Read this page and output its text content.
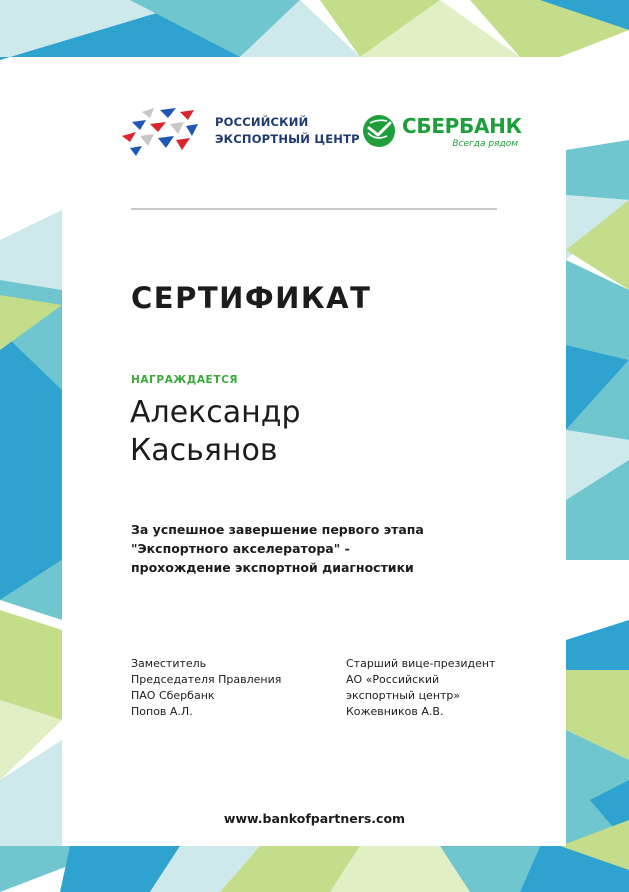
РОССИЙСКИЙ
ЭКСПОРТНЫЙ ЦЕНТР
СБЕРБАНК
Всегда рядом
СЕРТИФИКАТ
НАГРАЖДАЕТСЯ
Александр
Касьянов
За успешное завершение первого этапа
"Экспортного акселератора" -
прохождение экспортной диагностики
Заместитель
Председателя Правления
ПАО Сбербанк
Попов А.Л.
Старший вице-президент
АО «Российский
экспортный центр»
Кожевников А.В.
www.bankofpartners.com
